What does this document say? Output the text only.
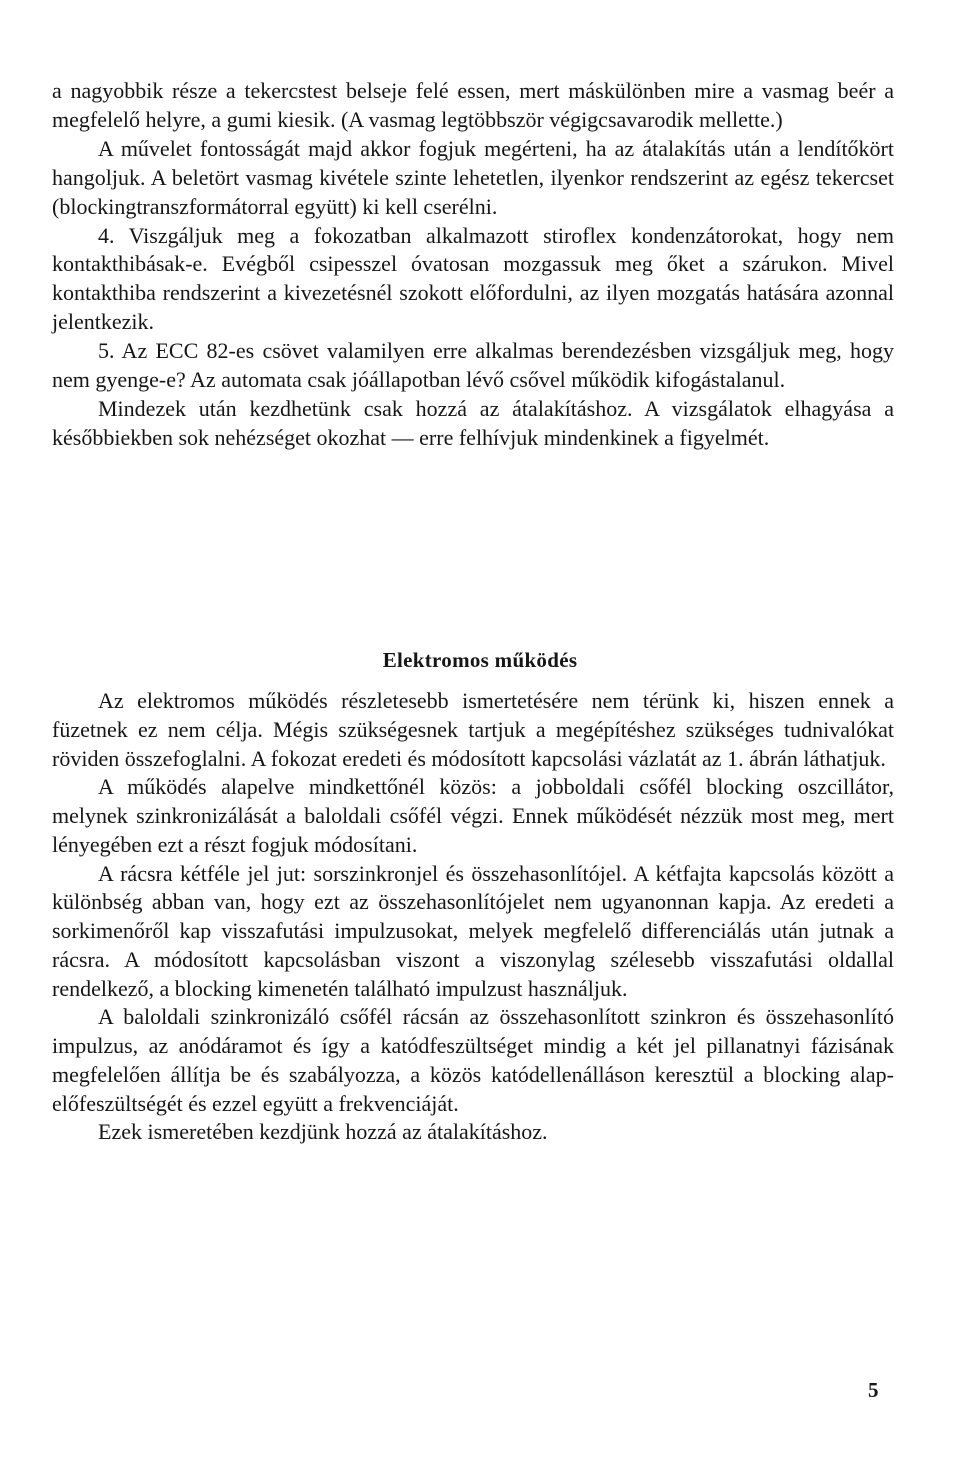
a nagyobbik része a tekercstest belseje felé essen, mert máskülönben mire a vasmag beér a megfelelő helyre, a gumi kiesik. (A vasmag legtöbbször végigcsavarodik mellette.)

A művelet fontosságát majd akkor fogjuk megérteni, ha az átalakítás után a lendítőkört hangoljuk. A beletört vasmag kivétele szinte lehetetlen, ilyenkor rendszerint az egész tekercset (blockingtranszformátorral együtt) ki kell cserélni.

4. Viszgáljuk meg a fokozatban alkalmazott stiroflex kondenzátorokat, hogy nem kontakthibásak-e. Evégből csipesszel óvatosan mozgassuk meg őket a szárukon. Mivel kontakthiba rendszerint a kivezetésnél szokott előfordulni, az ilyen mozgatás hatására azonnal jelentkezik.

5. Az ECC 82-es csövet valamilyen erre alkalmas berendezésben vizsgáljuk meg, hogy nem gyenge-e? Az automata csak jóállapotban lévő csővel működik kifogástalanul.

Mindezek után kezdhetünk csak hozzá az átalakításhoz. A vizsgálatok elhagyása a későbbiekben sok nehézséget okozhat — erre felhívjuk mindenkinek a figyelmét.

Elektromos működés

Az elektromos működés részletesebb ismertetésére nem térünk ki, hiszen ennek a füzetnek ez nem célja. Mégis szükségesnek tartjuk a megépítéshez szükséges tudnivalókat röviden összefoglalni. A fokozat eredeti és módosított kapcsolási vázlatát az 1. ábrán láthatjuk.

A működés alapelve mindkettőnél közös: a jobboldali csőfél blocking oszcillátor, melynek szinkronizálását a baloldali csőfél végzi. Ennek működését nézzük most meg, mert lényegében ezt a részt fogjuk módosítani.

A rácsra kétféle jel jut: sorszinkronjel és összehasonlítójel. A kétfajta kapcsolás között a különbség abban van, hogy ezt az összehasonlítójelet nem ugyanonnan kapja. Az eredeti a sorkimenőről kap visszafutási impulzusokat, melyek megfelelő differenciálás után jutnak a rácsra. A módosított kapcsolásban viszont a viszonylag szélesebb visszafutási oldallal rendelkező, a blocking kimenetén található impulzust használjuk.

A baloldali szinkronizáló csőfél rácsán az összehasonlított szinkron és összehasonlító impulzus, az anódáramot és így a katódfeszültséget mindig a két jel pillanatnyi fázisának megfelelően állítja be és szabályozza, a közös katódellenálláson keresztül a blocking alapelőfeszültségét és ezzel együtt a frekvenciáját.

Ezek ismeretében kezdjünk hozzá az átalakításhoz.

5
